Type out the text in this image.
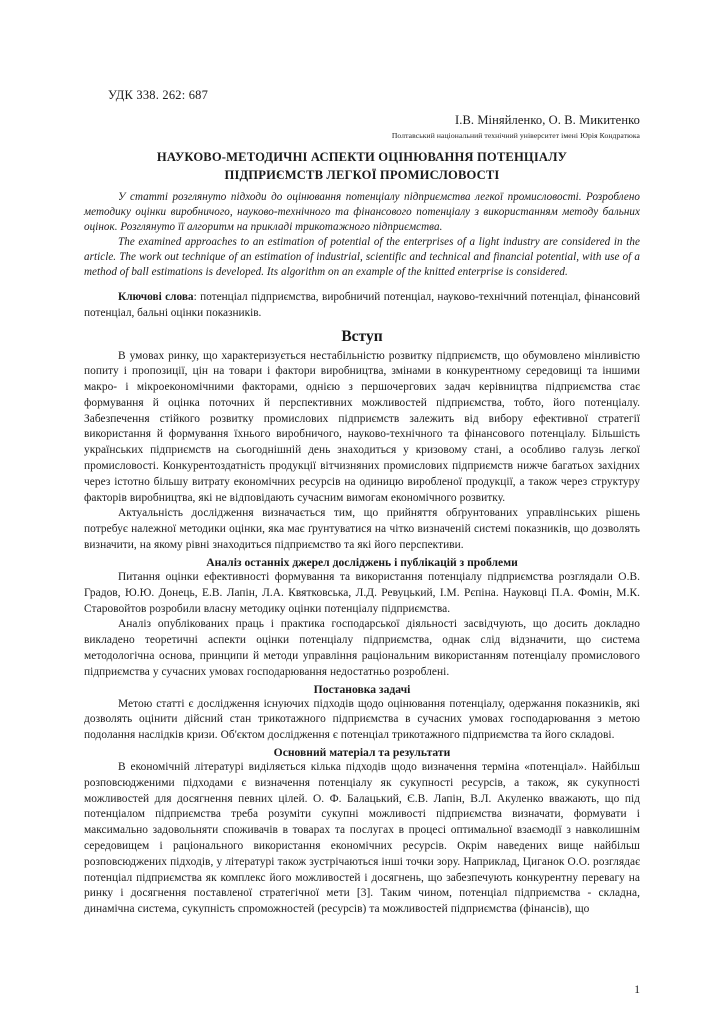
УДК 338. 262: 687
І.В. Міняйленко, О. В. Микитенко
Полтавський національний технічний університет імені Юрія Кондратюка
НАУКОВО-МЕТОДИЧНІ АСПЕКТИ ОЦІНЮВАННЯ ПОТЕНЦІАЛУ
ПІДПРИЄМСТВ ЛЕГКОЇ ПРОМИСЛОВОСТІ

У статті розглянуто підходи до оцінювання потенціалу підприємства легкої промисловості. Розроблено методику оцінки виробничого, науково-технічного та фінансового потенціалу з використанням методу бальних оцінок. Розглянуто її алгоритм на прикладі трикотажного підприємства.

The examined approaches to an estimation of potential of the enterprises of a light industry are considered in the article. The work out technique of an estimation of industrial, scientific and technical and financial potential, with use of a method of ball estimations is developed. Its algorithm on an example of the knitted enterprise is considered.

Ключові слова: потенціал підприємства, виробничий потенціал, науково-технічний потенціал, фінансовий потенціал, бальні оцінки показників.

Вступ

В умовах ринку, що характеризується нестабільністю розвитку підприємств, що обумовлено мінливістю попиту і пропозиції, цін на товари і фактори виробництва, змінами в конкурентному середовищі та іншими макро- і мікроекономічними факторами, однією з першочергових задач керівництва підприємства стає формування й оцінка поточних й перспективних можливостей підприємства, тобто, його потенціалу. Забезпечення стійкого розвитку промислових підприємств залежить від вибору ефективної стратегії використання й формування їхнього виробничого, науково-технічного та фінансового потенціалу. Більшість українських підприємств на сьогоднішній день знаходиться у кризовому стані, а особливо галузь легкої промисловості. Конкурентоздатність продукції вітчизняних промислових підприємств нижче багатьох західних через істотно більшу витрату економічних ресурсів на одиницю виробленої продукції, а також через структуру факторів виробництва, які не відповідають сучасним вимогам економічного розвитку.

Актуальність дослідження визначається тим, що прийняття обґрунтованих управлінських рішень потребує належної методики оцінки, яка має ґрунтуватися на чітко визначеній системі показників, що дозволять визначити, на якому рівні знаходиться підприємство та які його перспективи.

Аналіз останніх джерел досліджень і публікацій з проблеми

Питання оцінки ефективності формування та використання потенціалу підприємства розглядали О.В. Градов, Ю.Ю. Донець, Е.В. Лапін, Л.А. Квятковська, Л.Д. Ревуцький, І.М. Рєпіна. Науковці П.А. Фомін, М.К. Старовойтов розробили власну методику оцінки потенціалу підприємства.

Аналіз опублікованих праць і практика господарської діяльності засвідчують, що досить докладно викладено теоретичні аспекти оцінки потенціалу підприємства, однак слід відзначити, що система методологічна основа, принципи й методи управління раціональним використанням потенціалу промислового підприємства у сучасних умовах господарювання недостатньо розроблені.

Постановка задачі

Метою статті є дослідження існуючих підходів щодо оцінювання потенціалу, одержання показників, які дозволять оцінити дійсний стан трикотажного підприємства в сучасних умовах господарювання з метою подолання наслідків кризи. Об'єктом дослідження є потенціал трикотажного підприємства та його складові.

Основний матеріал та результати

В економічній літературі виділяється кілька підходів щодо визначення терміна «потенціал». Найбільш розповсюдженими підходами є визначення потенціалу як сукупності ресурсів, а також, як сукупності можливостей для досягнення певних цілей. О. Ф. Балацький, Є.В. Лапін, В.Л. Акуленко вважають, що під потенціалом підприємства треба розуміти сукупні можливості підприємства визначати, формувати і максимально задовольняти споживачів в товарах та послугах в процесі оптимальної взаємодії з навколишнім середовищем і раціонального використання економічних ресурсів. Окрім наведених вище найбільш розповсюджених підходів, у літературі також зустрічаються інші точки зору. Наприклад, Циганок О.О. розглядає потенціал підприємства як комплекс його можливостей і досягнень, що забезпечують конкурентну перевагу на ринку і досягнення поставленої стратегічної мети [3]. Таким чином, потенціал підприємства - складна, динамічна система, сукупність спроможностей (ресурсів) та можливостей підприємства (фінансів), що

1
